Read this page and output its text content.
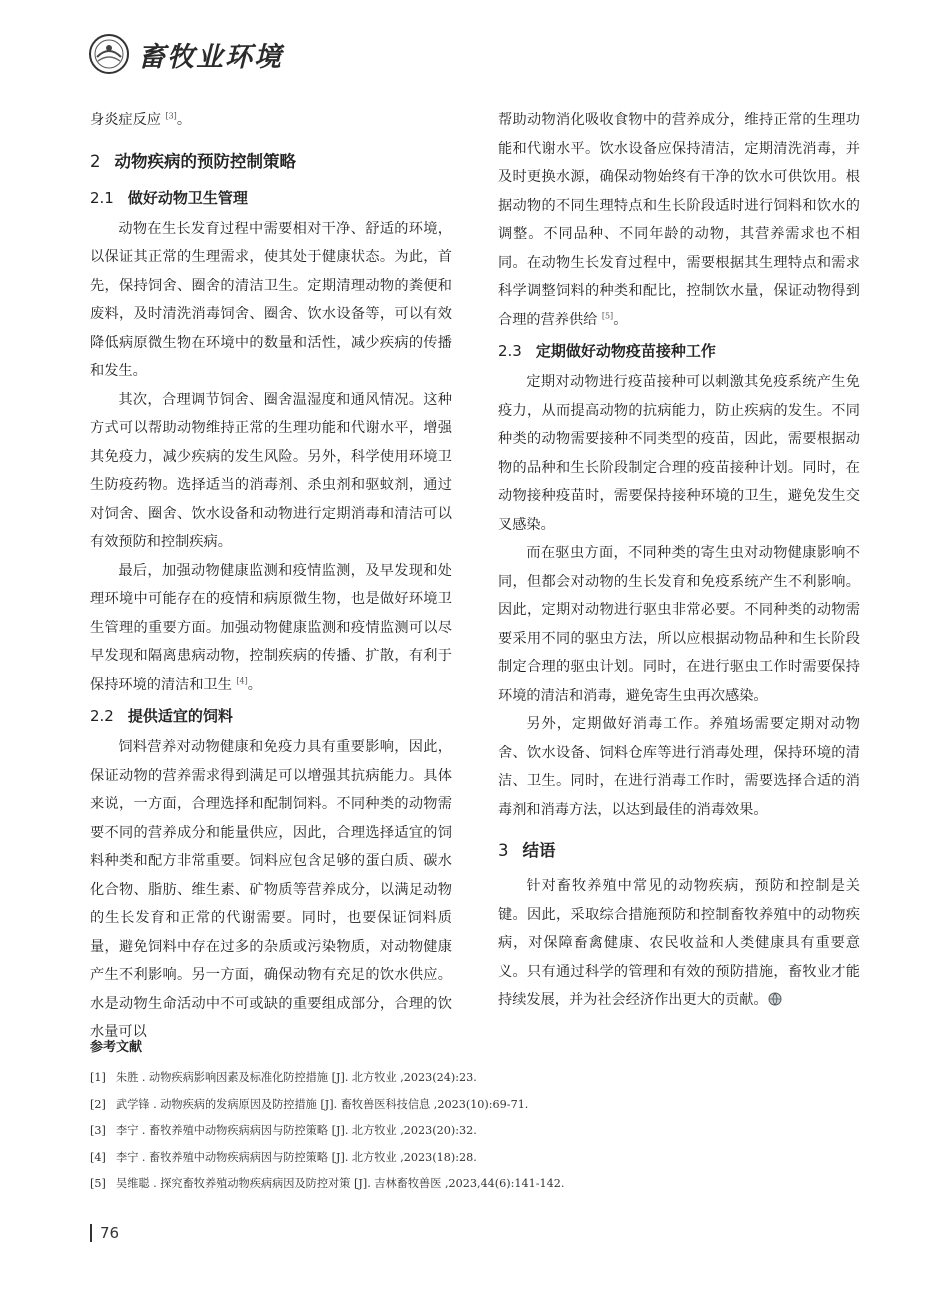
畜牧业环境

身炎症反应 [3]。

2 动物疾病的预防控制策略
2.1 做好动物卫生管理

动物在生长发育过程中需要相对干净、舒适的环境，以保证其正常的生理需求，使其处于健康状态。为此，首先，保持饲舍、圈舍的清洁卫生。定期清理动物的粪便和废料，及时清洗消毒饲舍、圈舍、饮水设备等，可以有效降低病原微生物在环境中的数量和活性，减少疾病的传播和发生。

其次，合理调节饲舍、圈舍温湿度和通风情况。这种方式可以帮助动物维持正常的生理功能和代谢水平，增强其免疫力，减少疾病的发生风险。另外，科学使用环境卫生防疫药物。选择适当的消毒剂、杀虫剂和驱蚊剂，通过对饲舍、圈舍、饮水设备和动物进行定期消毒和清洁可以有效预防和控制疾病。

最后，加强动物健康监测和疫情监测，及早发现和处理环境中可能存在的疫情和病原微生物，也是做好环境卫生管理的重要方面。加强动物健康监测和疫情监测可以尽早发现和隔离患病动物，控制疾病的传播、扩散，有利于保持环境的清洁和卫生 [4]。

2.2 提供适宜的饲料

饲料营养对动物健康和免疫力具有重要影响，因此，保证动物的营养需求得到满足可以增强其抗病能力。具体来说，一方面，合理选择和配制饲料。不同种类的动物需要不同的营养成分和能量供应，因此，合理选择适宜的饲料种类和配方非常重要。饲料应包含足够的蛋白质、碳水化合物、脂肪、维生素、矿物质等营养成分，以满足动物的生长发育和正常的代谢需要。同时，也要保证饲料质量，避免饲料中存在过多的杂质或污染物质，对动物健康产生不利影响。另一方面，确保动物有充足的饮水供应。水是动物生命活动中不可或缺的重要组成部分，合理的饮水量可以

帮助动物消化吸收食物中的营养成分，维持正常的生理功能和代谢水平。饮水设备应保持清洁，定期清洗消毒，并及时更换水源，确保动物始终有干净的饮水可供饮用。根据动物的不同生理特点和生长阶段适时进行饲料和饮水的调整。不同品种、不同年龄的动物，其营养需求也不相同。在动物生长发育过程中，需要根据其生理特点和需求科学调整饲料的种类和配比，控制饮水量，保证动物得到合理的营养供给 [5]。

2.3 定期做好动物疫苗接种工作

定期对动物进行疫苗接种可以刺激其免疫系统产生免疫力，从而提高动物的抗病能力，防止疾病的发生。不同种类的动物需要接种不同类型的疫苗，因此，需要根据动物的品种和生长阶段制定合理的疫苗接种计划。同时，在动物接种疫苗时，需要保持接种环境的卫生，避免发生交叉感染。

而在驱虫方面，不同种类的寄生虫对动物健康影响不同，但都会对动物的生长发育和免疫系统产生不利影响。因此，定期对动物进行驱虫非常必要。不同种类的动物需要采用不同的驱虫方法，所以应根据动物品种和生长阶段制定合理的驱虫计划。同时，在进行驱虫工作时需要保持环境的清洁和消毒，避免寄生虫再次感染。

另外，定期做好消毒工作。养殖场需要定期对动物舍、饮水设备、饲料仓库等进行消毒处理，保持环境的清洁、卫生。同时，在进行消毒工作时，需要选择合适的消毒剂和消毒方法，以达到最佳的消毒效果。

3 结语

针对畜牧养殖中常见的动物疾病，预防和控制是关键。因此，采取综合措施预防和控制畜牧养殖中的动物疾病，对保障畜禽健康、农民收益和人类健康具有重要意义。只有通过科学的管理和有效的预防措施，畜牧业才能持续发展，并为社会经济作出更大的贡献。

参考文献
[1] 朱胜 . 动物疾病影响因素及标准化防控措施 [J]. 北方牧业 ,2023(24):23.
[2] 武学锋 . 动物疾病的发病原因及防控措施 [J]. 畜牧兽医科技信息 ,2023(10):69-71.
[3] 李宁 . 畜牧养殖中动物疾病病因与防控策略 [J]. 北方牧业 ,2023(20):32.
[4] 李宁 . 畜牧养殖中动物疾病病因与防控策略 [J]. 北方牧业 ,2023(18):28.
[5] 吴维聪 . 探究畜牧养殖动物疾病病因及防控对策 [J]. 吉林畜牧兽医 ,2023,44(6):141-142.
76
